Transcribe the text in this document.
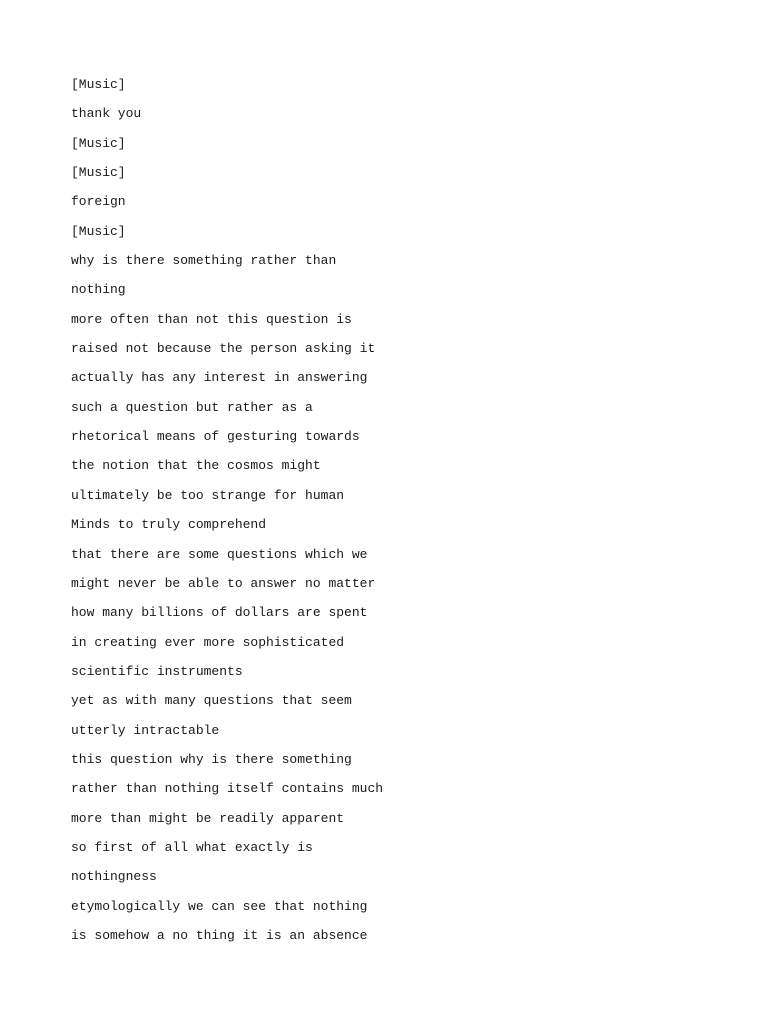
[Music]
thank you
[Music]
[Music]
foreign
[Music]
why is there something rather than
nothing
more often than not this question is
raised not because the person asking it
actually has any interest in answering
such a question but rather as a
rhetorical means of gesturing towards
the notion that the cosmos might
ultimately be too strange for human
Minds to truly comprehend
that there are some questions which we
might never be able to answer no matter
how many billions of dollars are spent
in creating ever more sophisticated
scientific instruments
yet as with many questions that seem
utterly intractable
this question why is there something
rather than nothing itself contains much
more than might be readily apparent
so first of all what exactly is
nothingness
etymologically we can see that nothing
is somehow a no thing it is an absence
